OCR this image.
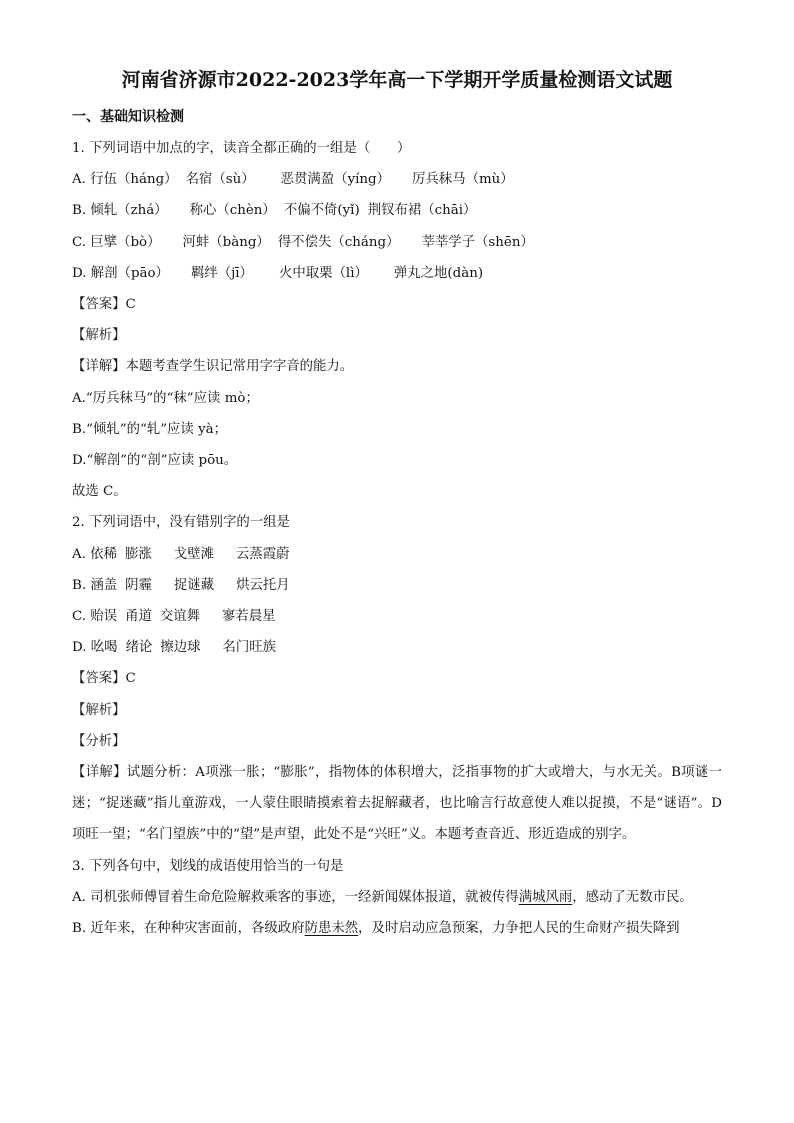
河南省济源市2022-2023学年高一下学期开学质量检测语文试题

一、基础知识检测

1. 下列词语中加点的字，读音全都正确的一组是（　　）

A. 行伍（háng） 名宿（sù） 恶贯满盈（yíng） 厉兵秣马（mù）

B. 倾轧（zhá） 称心（chèn） 不偏不倚(yǐ) 荆钗布裙（chāi）

C. 巨擘（bò） 河蚌（bàng） 得不偿失（cháng） 莘莘学子（shēn）

D. 解剖（pāo） 羁绊（jī） 火中取栗（lì） 弹丸之地(dàn)

【答案】C

【解析】

【详解】本题考查学生识记常用字字音的能力。

A.“厉兵秣马”的“秣”应读 mò；

B.“倾轧”的“轧”应读 yà；

D.“解剖”的“剖”应读 pōu。

故选 C。

2. 下列词语中，没有错别字的一组是

A. 依稀 膨涨 戈壁滩 云蒸霞蔚

B. 涵盖 阴霾 捉谜藏 烘云托月

C. 贻误 甬道 交谊舞 寥若晨星

D. 吆喝 绪论 擦边球 名门旺族

【答案】C

【解析】

【分析】

【详解】试题分析：A项涨一胀；“膨胀”，指物体的体积增大，泛指事物的扩大或增大，与水无关。B项谜一迷；“捉迷藏”指儿童游戏，一人蒙住眼睛摸索着去捉解藏者，也比喻言行故意使人难以捉摸，不是“谜语”。D项旺一望；“名门望族”中的“望”是声望，此处不是“兴旺”义。本题考查音近、形近造成的别字。

3. 下列各句中，划线的成语使用恰当的一句是

A. 司机张师傅冒着生命危险解救乘客的事迹，一经新闻媒体报道，就被传得满城风雨，感动了无数市民。

B. 近年来，在种种灾害面前，各级政府防患未然，及时启动应急预案，力争把人民的生命财产损失降到
